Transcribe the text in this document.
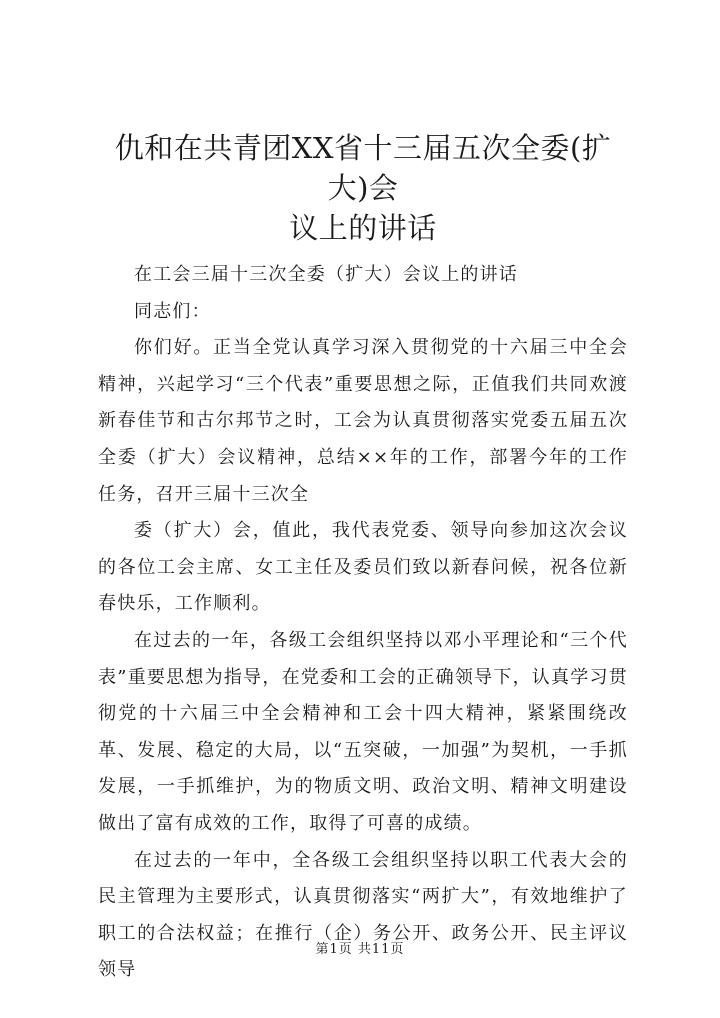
仇和在共青团XX省十三届五次全委(扩大)会
议上的讲话

在工会三届十三次全委（扩大）会议上的讲话

同志们：

你们好。正当全党认真学习深入贯彻党的十六届三中全会精神，兴起学习“三个代表”重要思想之际，正值我们共同欢渡新春佳节和古尔邦节之时，工会为认真贯彻落实党委五届五次全委（扩大）会议精神，总结××年的工作，部署今年的工作任务，召开三届十三次全

委（扩大）会，值此，我代表党委、领导向参加这次会议的各位工会主席、女工主任及委员们致以新春问候，祝各位新春快乐，工作顺利。

在过去的一年，各级工会组织坚持以邓小平理论和“三个代表”重要思想为指导，在党委和工会的正确领导下，认真学习贯彻党的十六届三中全会精神和工会十四大精神，紧紧围绕改革、发展、稳定的大局，以“五突破，一加强”为契机，一手抓发展，一手抓维护，为的物质文明、政治文明、精神文明建设做出了富有成效的工作，取得了可喜的成绩。

在过去的一年中，全各级工会组织坚持以职工代表大会的民主管理为主要形式，认真贯彻落实“两扩大”，有效地维护了职工的合法权益；在推行（企）务公开、政务公开、民主评议领导

第1页 共11页
